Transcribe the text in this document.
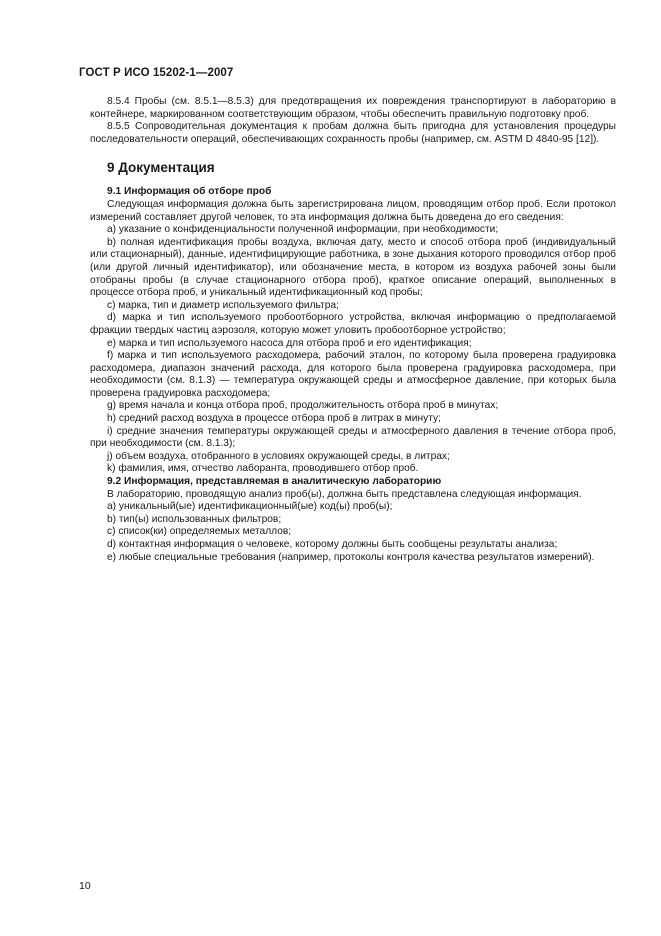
ГОСТ Р ИСО 15202-1—2007

8.5.4 Пробы (см. 8.5.1—8.5.3) для предотвращения их повреждения транспортируют в лабораторию в контейнере, маркированном соответствующим образом, чтобы обеспечить правильную подготовку проб.

8.5.5 Сопроводительная документация к пробам должна быть пригодна для установления процедуры последовательности операций, обеспечивающих сохранность пробы (например, см. ASTM D 4840-95 [12]).

9 Документация

9.1 Информация об отборе проб

Следующая информация должна быть зарегистрирована лицом, проводящим отбор проб. Если протокол измерений составляет другой человек, то эта информация должна быть доведена до его сведения:

a) указание о конфиденциальности полученной информации, при необходимости;

b) полная идентификация пробы воздуха, включая дату, место и способ отбора проб (индивидуальный или стационарный), данные, идентифицирующие работника, в зоне дыхания которого проводился отбор проб (или другой личный идентификатор), или обозначение места, в котором из воздуха рабочей зоны были отобраны пробы (в случае стационарного отбора проб), краткое описание операций, выполненных в процессе отбора проб, и уникальный идентификационный код пробы;

c) марка, тип и диаметр используемого фильтра;

d) марка и тип используемого пробоотборного устройства, включая информацию о предполагаемой фракции твердых частиц аэрозоля, которую может уловить пробоотборное устройство;

e) марка и тип используемого насоса для отбора проб и его идентификация;

f) марка и тип используемого расходомера, рабочий эталон, по которому была проверена градуировка расходомера, диапазон значений расхода, для которого была проверена градуировка расходомера, при необходимости (см. 8.1.3) — температура окружающей среды и атмосферное давление, при которых была проверена градуировка расходомера;

g) время начала и конца отбора проб, продолжительность отбора проб в минутах;

h) средний расход воздуха в процессе отбора проб в литрах в минуту;

i) средние значения температуры окружающей среды и атмосферного давления в течение отбора проб, при необходимости (см. 8.1.3);

j) объем воздуха, отобранного в условиях окружающей среды, в литрах;

k) фамилия, имя, отчество лаборанта, проводившего отбор проб.

9.2 Информация, представляемая в аналитическую лабораторию

В лабораторию, проводящую анализ проб(ы), должна быть представлена следующая информация.

a) уникальный(ые) идентификационный(ые) код(ы) проб(ы);

b) тип(ы) использованных фильтров;

c) список(ки) определяемых металлов;

d) контактная информация о человеке, которому должны быть сообщены результаты анализа;

e) любые специальные требования (например, протоколы контроля качества результатов измерений).

10
